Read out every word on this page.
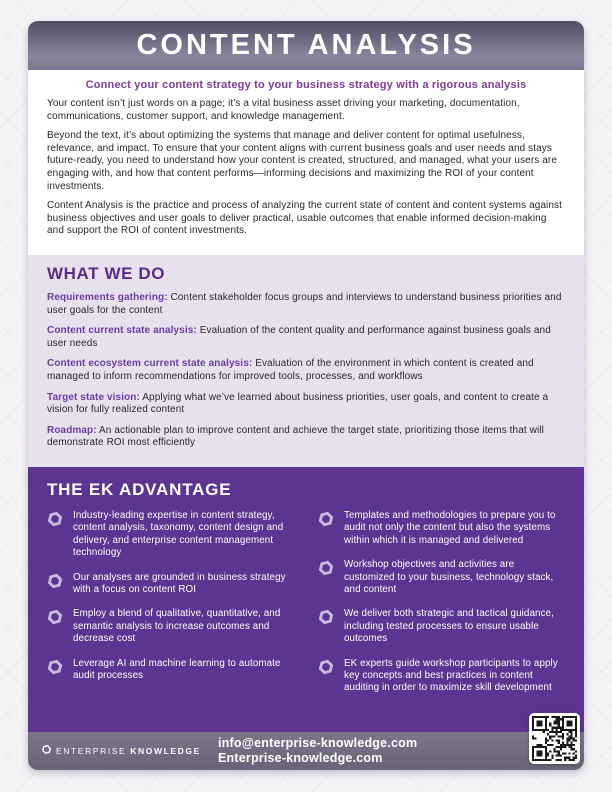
CONTENT ANALYSIS
Connect your content strategy to your business strategy with a rigorous analysis

Your content isn’t just words on a page; it’s a vital business asset driving your marketing, documentation, communications, customer support, and knowledge management.

Beyond the text, it’s about optimizing the systems that manage and deliver content for optimal usefulness, relevance, and impact. To ensure that your content aligns with current business goals and user needs and stays future-ready, you need to understand how your content is created, structured, and managed, what your users are engaging with, and how that content performs—informing decisions and maximizing the ROI of your content investments.

Content Analysis is the practice and process of analyzing the current state of content and content systems against business objectives and user goals to deliver practical, usable outcomes that enable informed decision-making and support the ROI of content investments.

WHAT WE DO

Requirements gathering: Content stakeholder focus groups and interviews to understand business priorities and user goals for the content

Content current state analysis: Evaluation of the content quality and performance against business goals and user needs

Content ecosystem current state analysis: Evaluation of the environment in which content is created and managed to inform recommendations for improved tools, processes, and workflows

Target state vision: Applying what we’ve learned about business priorities, user goals, and content to create a vision for fully realized content

Roadmap: An actionable plan to improve content and achieve the target state, prioritizing those items that will demonstrate ROI most efficiently

THE EK ADVANTAGE
Industry-leading expertise in content strategy, content analysis, taxonomy, content design and delivery, and enterprise content management technology
Our analyses are grounded in business strategy with a focus on content ROI
Employ a blend of qualitative, quantitative, and semantic analysis to increase outcomes and decrease cost
Leverage AI and machine learning to automate audit processes
Templates and methodologies to prepare you to audit not only the content but also the systems within which it is managed and delivered
Workshop objectives and activities are customized to your business, technology stack, and content
We deliver both strategic and tactical guidance, including tested processes to ensure usable outcomes
EK experts guide workshop participants to apply key concepts and best practices in content auditing in order to maximize skill development
ENTERPRISE KNOWLEDGE
info@enterprise-knowledge.com
Enterprise-knowledge.com
